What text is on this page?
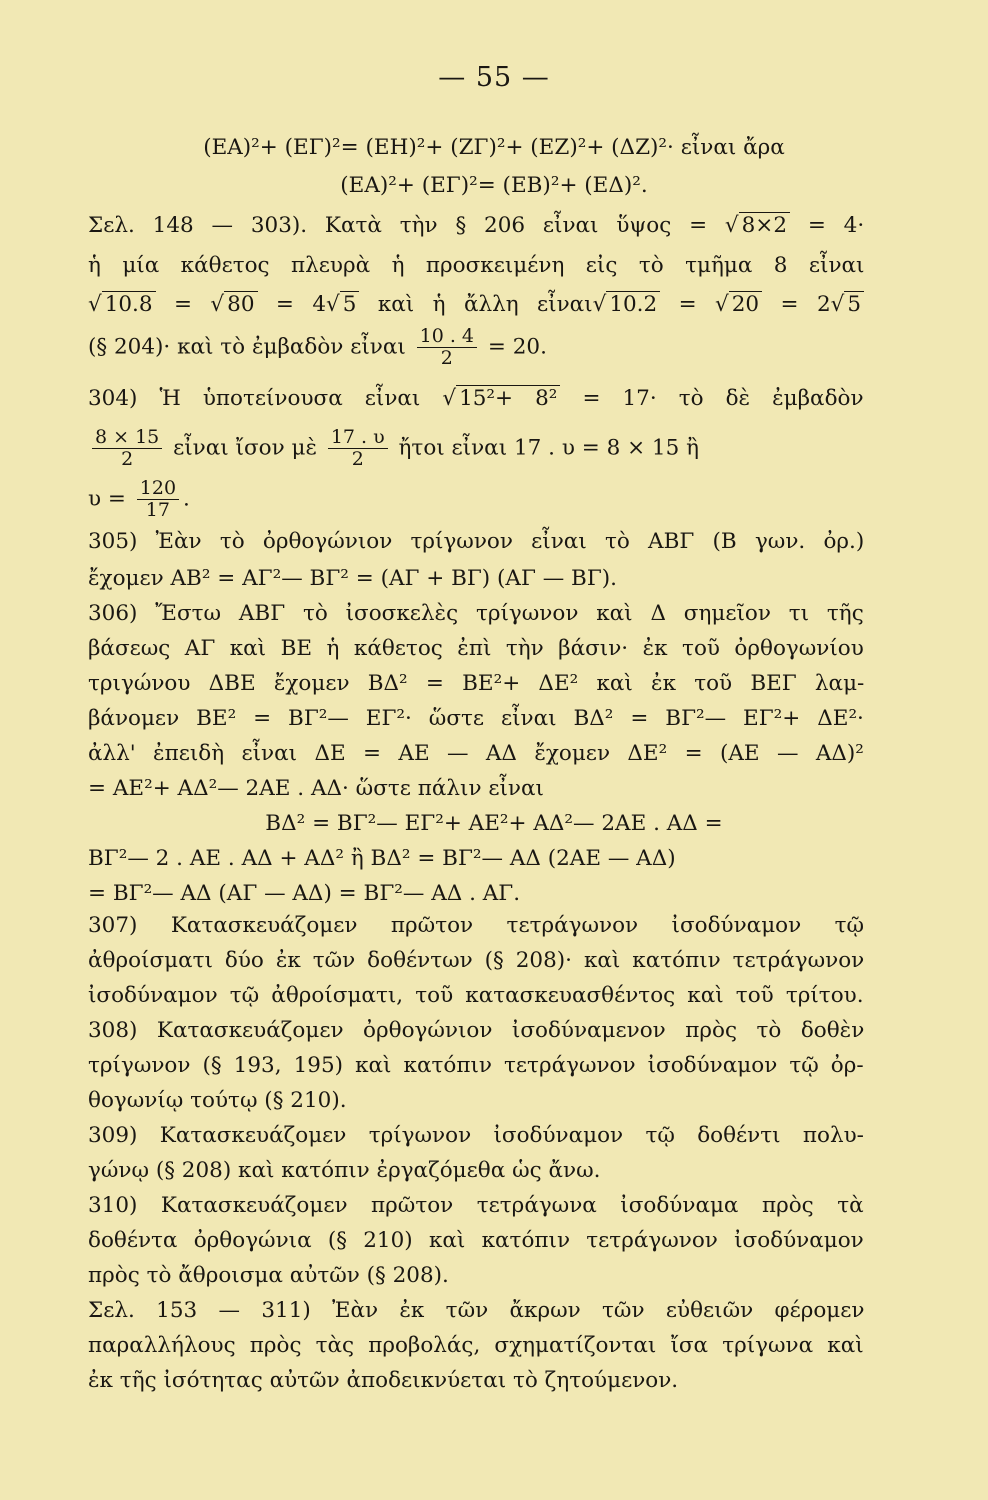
— 55 —
(ΕΑ)²+ (ΕΓ)²= (ΕΗ)²+ (ΖΓ)²+ (ΕΖ)²+ (ΔΖ)²· εἶναι ἄρα
(ΕΑ)²+ (ΕΓ)²= (ΕΒ)²+ (ΕΔ)².
Σελ. 148 — 303). Κατὰ τὴν § 206 εἶναι ὕψος = √ 8×2 = 4·
ἡ μία κάθετος πλευρὰ ἡ προσκειμένη εἰς τὸ τμῆμα 8 εἶναι
√ 10.8 = √ 80 = 4√ 5 καὶ ἡ ἄλλη εἶναι√ 10.2 = √ 20 = 2√ 5
(§ 204)· καὶ τὸ ἐμβαδὸν εἶναι $\frac{10 . 4}{2} = 20$.
304) Ἡ ὑποτείνουσα εἶναι √ 15²+ 8² = 17· τὸ δὲ ἐμβαδὸν
$\frac{8 \times 15}{2}$ εἶναι ἴσον μὲ $\frac{17 . \upsilon}{2}$ ἤτοι εἶναι 17 . υ = 8 × 15 ἢ
$\upsilon = \frac{120}{17}$ .
305) Ἐὰν τὸ ὀρθογώνιον τρίγωνον εἶναι τὸ ΑΒΓ (Β γων. ὀρ.)
ἔχομεν ΑΒ² = ΑΓ²— ΒΓ² = (ΑΓ + ΒΓ) (ΑΓ — ΒΓ).
306) Ἔστω ΑΒΓ τὸ ἰσοσκελὲς τρίγωνον καὶ Δ σημεῖον τι τῆς
βάσεως ΑΓ καὶ ΒΕ ἡ κάθετος ἐπὶ τὴν βάσιν· ἐκ τοῦ ὀρθογωνίου
τριγώνου ΔΒΕ ἔχομεν ΒΔ² = ΒΕ²+ ΔΕ² καὶ ἐκ τοῦ ΒΕΓ λαμ-
βάνομεν ΒΕ² = ΒΓ²— ΕΓ²· ὥστε εἶναι ΒΔ² = ΒΓ²— ΕΓ²+ ΔΕ²·
ἀλλ' ἐπειδὴ εἶναι ΔΕ = ΑΕ — ΑΔ ἔχομεν ΔΕ² = (ΑΕ — ΑΔ)²
= ΑΕ²+ ΑΔ²— 2ΑΕ . ΑΔ· ὥστε πάλιν εἶναι
ΒΔ² = ΒΓ²— ΕΓ²+ ΑΕ²+ ΑΔ²— 2ΑΕ . ΑΔ =
ΒΓ²— 2 . ΑΕ . ΑΔ + ΑΔ² ἢ ΒΔ² = ΒΓ²— ΑΔ (2ΑΕ — ΑΔ)
= ΒΓ²— ΑΔ (ΑΓ — ΑΔ) = ΒΓ²— ΑΔ . ΑΓ.
307) Κατασκευάζομεν πρῶτον τετράγωνον ἰσοδύναμον τῷ
ἀθροίσματι δύο ἐκ τῶν δοθέντων (§ 208)· καὶ κατόπιν τετράγωνον
ἰσοδύναμον τῷ ἀθροίσματι, τοῦ κατασκευασθέντος καὶ τοῦ τρίτου.
308) Κατασκευάζομεν ὀρθογώνιον ἰσοδύναμενον πρὸς τὸ δοθὲν
τρίγωνον (§ 193, 195) καὶ κατόπιν τετράγωνον ἰσοδύναμον τῷ ὀρ-
θογωνίῳ τούτῳ (§ 210).
309) Κατασκευάζομεν τρίγωνον ἰσοδύναμον τῷ δοθέντι πολυ-
γώνῳ (§ 208) καὶ κατόπιν ἐργαζόμεθα ὡς ἄνω.
310) Κατασκευάζομεν πρῶτον τετράγωνα ἰσοδύναμα πρὸς τὰ
δοθέντα ὀρθογώνια (§ 210) καὶ κατόπιν τετράγωνον ἰσοδύναμον
πρὸς τὸ ἄθροισμα αὐτῶν (§ 208).
Σελ. 153 — 311) Ἐὰν ἐκ τῶν ἄκρων τῶν εὐθειῶν φέρομεν
παραλλήλους πρὸς τὰς προβολάς, σχηματίζονται ἴσα τρίγωνα καὶ
ἐκ τῆς ἰσότητας αὐτῶν ἀποδεικνύεται τὸ ζητούμενον.
